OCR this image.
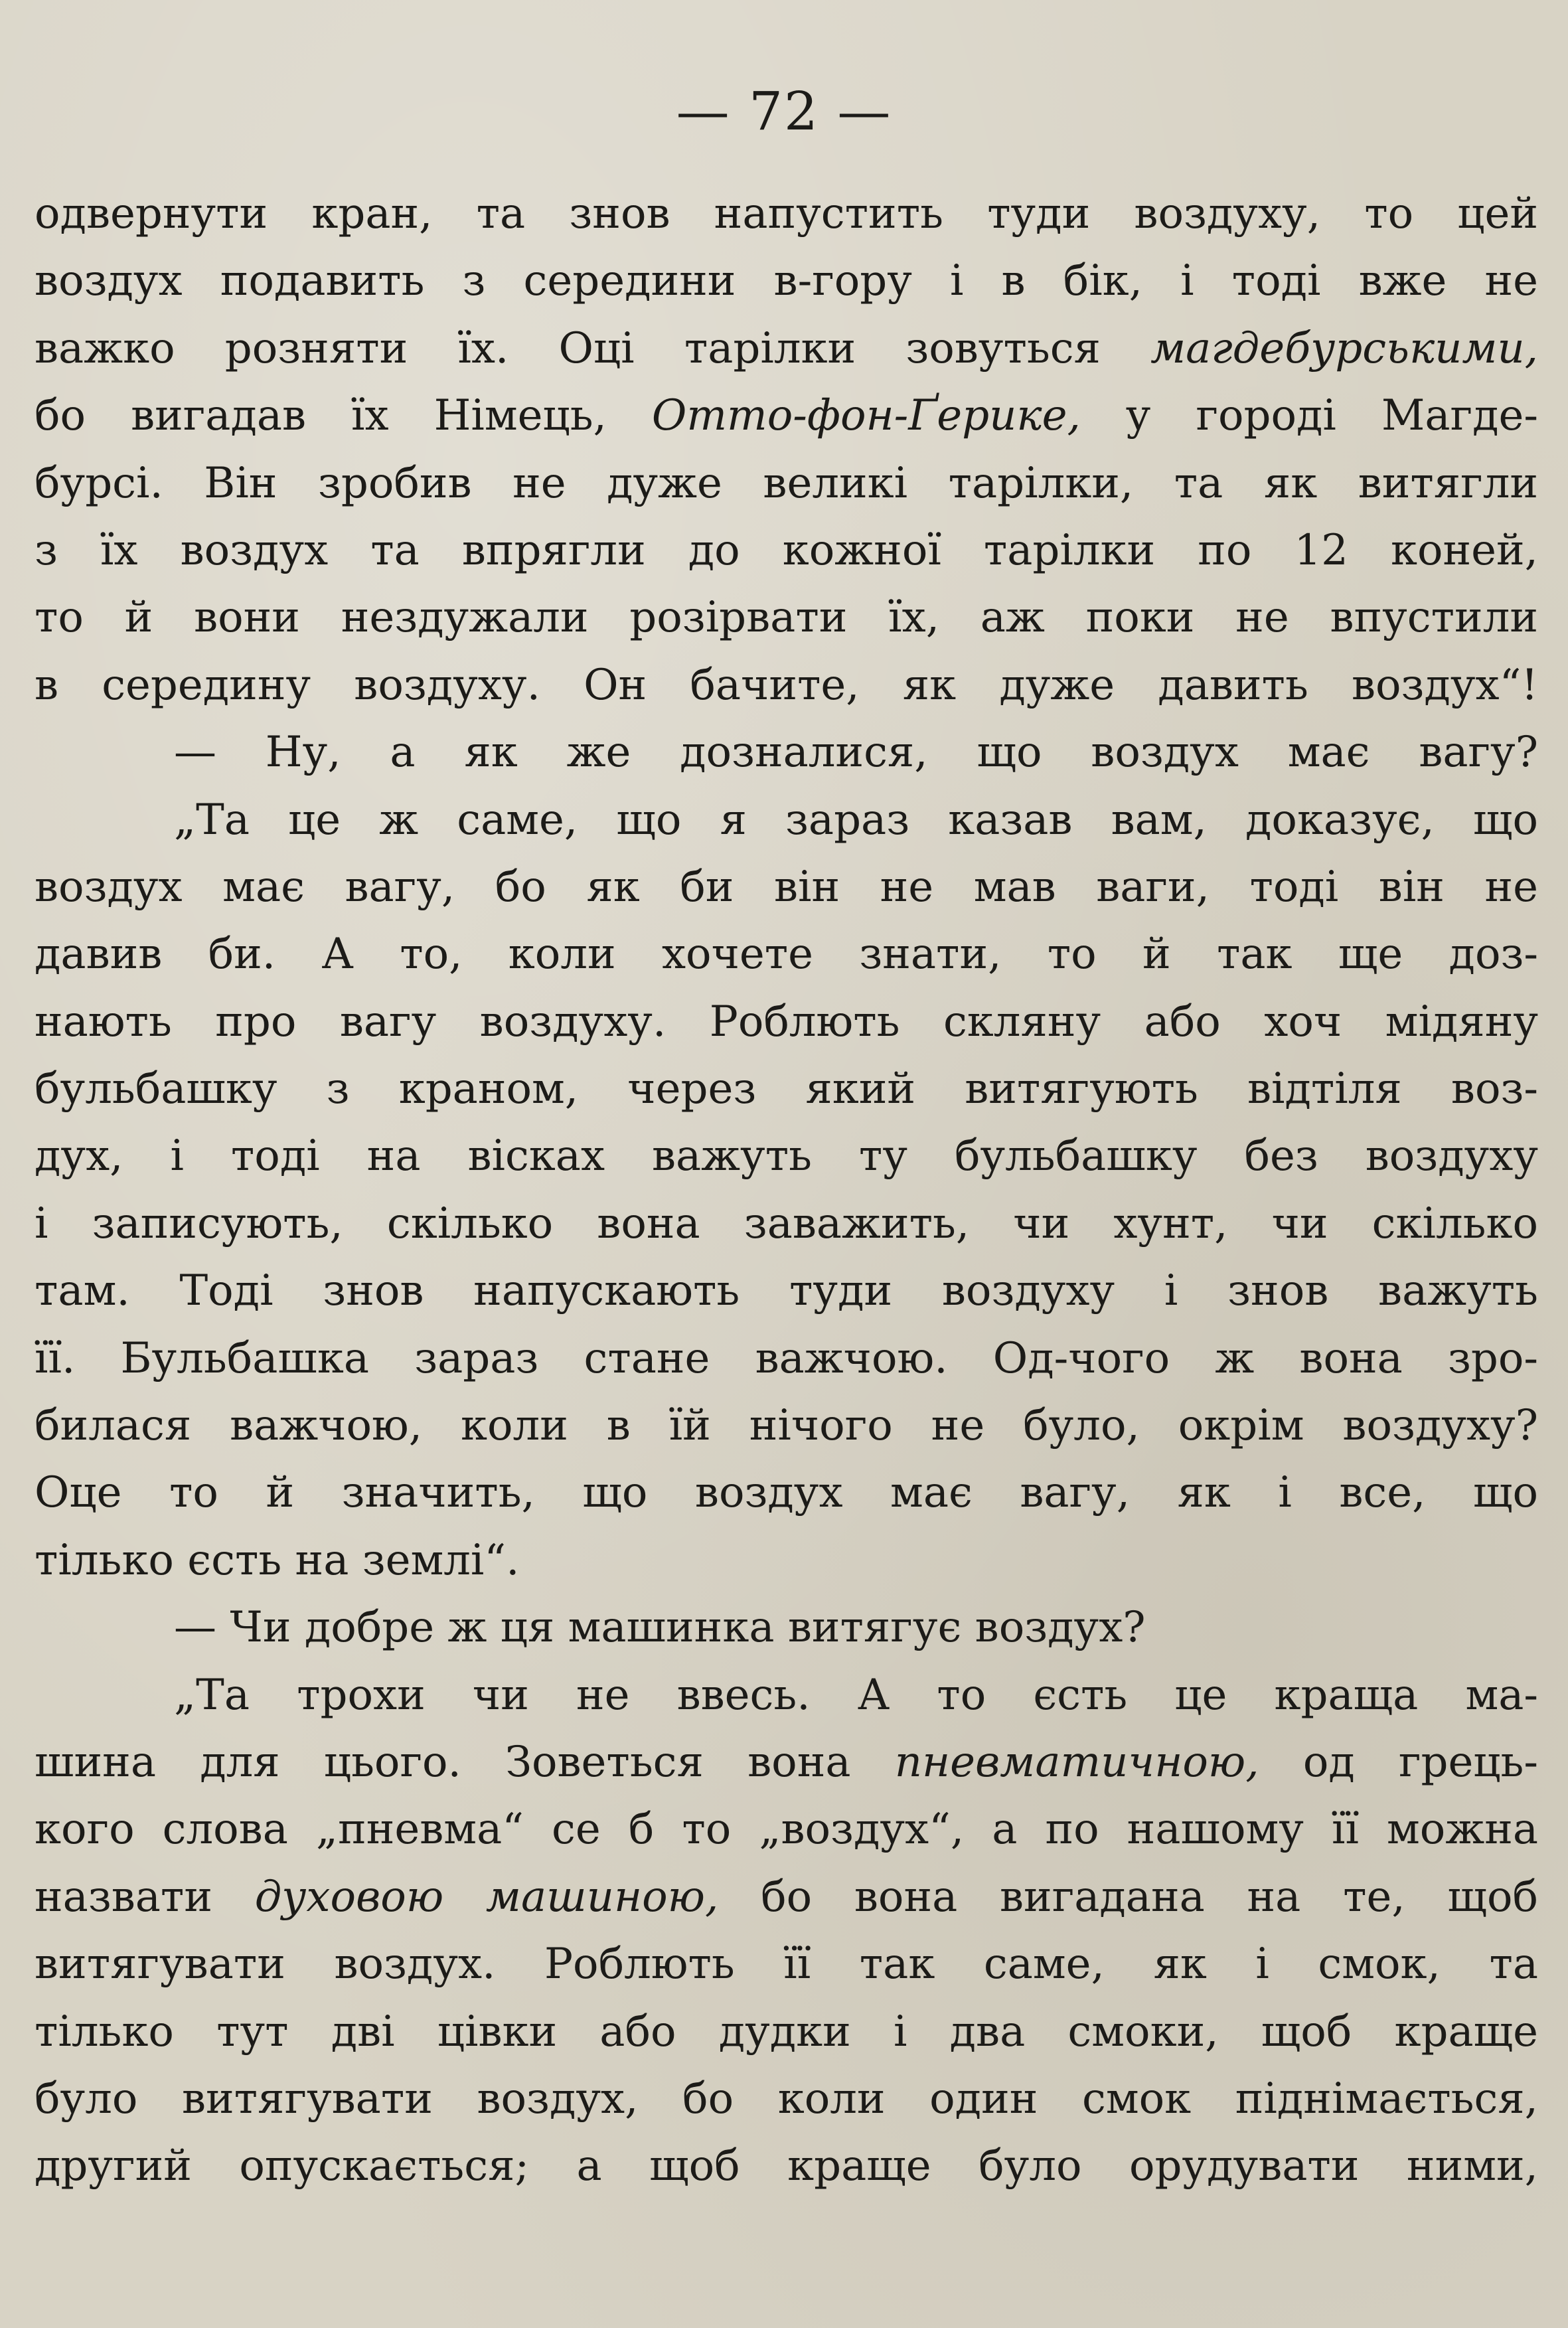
— 72 —
одвернути кран, та знов напустить туди воздуху, то цей
воздух подавить з середини в-гору і в бік, і тоді вже не
важко розняти їх. Оці тарілки зовуться магдебурськими,
бо вигадав їх Німець, Отто-фон-Ґерике, у городі Магде-
бурсі. Він зробив не дуже великі тарілки, та як витягли
з їх воздух та впрягли до кожної тарілки по 12 коней,
то й вони нездужали розірвати їх, аж поки не впустили
в середину воздуху. Он бачите, як дуже давить воздух“!
— Ну, а як же дозналися, що воздух має вагу?
„Та це ж саме, що я зараз казав вам, доказує, що
воздух має вагу, бо як би він не мав ваги, тоді він не
давив би. А то, коли хочете знати, то й так ще доз-
нають про вагу воздуху. Роблють скляну або хоч мідяну
бульбашку з краном, через який витягують відтіля воз-
дух, і тоді на вісках важуть ту бульбашку без воздуху
і записують, скілько вона заважить, чи хунт, чи скілько
там. Тоді знов напускають туди воздуху і знов важуть
її. Бульбашка зараз стане важчою. Од-чого ж вона зро-
билася важчою, коли в їй нічого не було, окрім воздуху?
Оце то й значить, що воздух має вагу, як і все, що
тілько єсть на землі“.
— Чи добре ж ця машинка витягує воздух?
„Та трохи чи не ввесь. А то єсть це краща ма-
шина для цього. Зоветься вона пневматичною, од грець-
кого слова „пневма“ се б то „воздух“, а по нашому її можна
назвати духовою машиною, бо вона вигадана на те, щоб
витягувати воздух. Роблють її так саме, як і смок, та
тілько тут дві цівки або дудки і два смоки, щоб краще
було витягувати воздух, бо коли один смок піднімається,
другий опускається; а щоб краще було орудувати ними,
